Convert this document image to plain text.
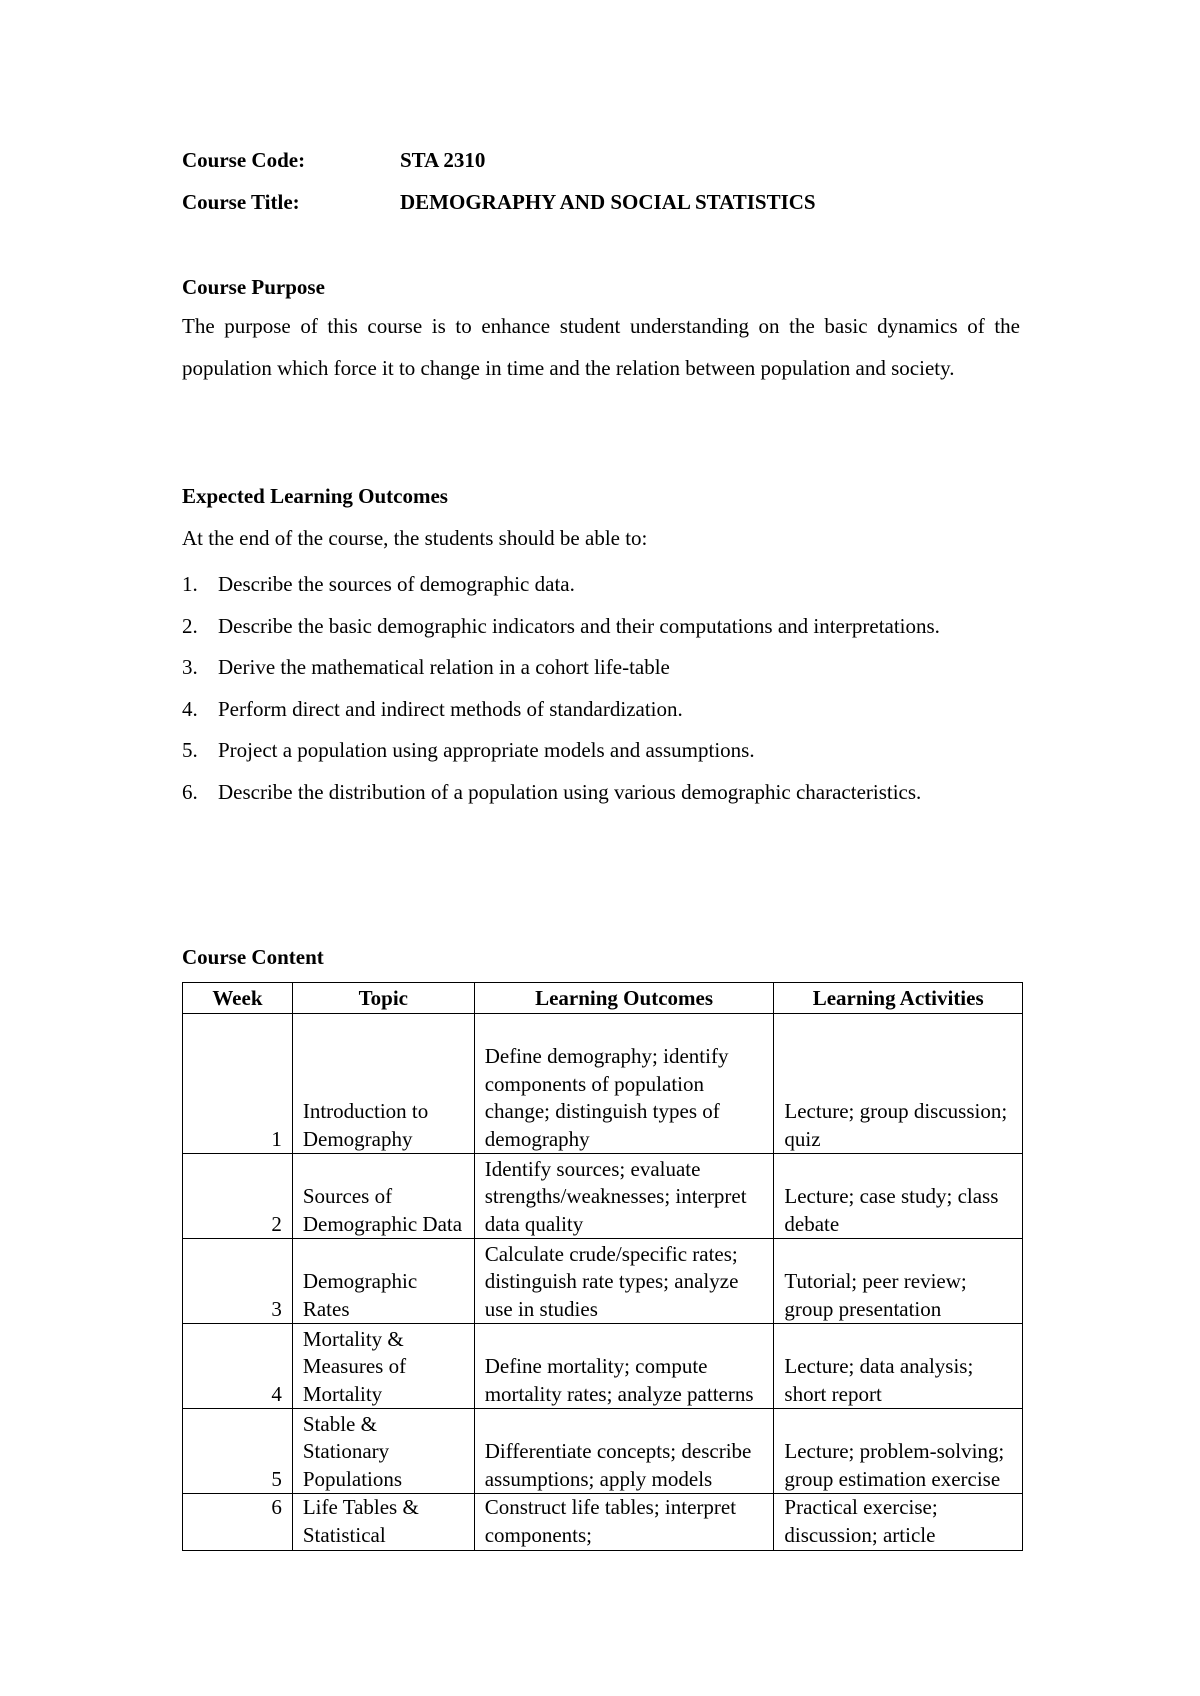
Course Code:	STA 2310
Course Title:	DEMOGRAPHY AND SOCIAL STATISTICS
Course Purpose

The purpose of this course is to enhance student understanding on the basic dynamics of the population which force it to change in time and the relation between population and society.

Expected Learning Outcomes
At the end of the course, the students should be able to:
1. Describe the sources of demographic data.
2. Describe the basic demographic indicators and their computations and interpretations.
3. Derive the mathematical relation in a cohort life-table
4. Perform direct and indirect methods of standardization.
5. Project a population using appropriate models and assumptions.
6. Describe the distribution of a population using various demographic characteristics.
Course Content
Week	Topic	Learning Outcomes	Learning Activities
1	Introduction to Demography	Define demography; identify components of population change; distinguish types of demography	Lecture; group discussion; quiz
2	Sources of Demographic Data	Identify sources; evaluate strengths/weaknesses; interpret data quality	Lecture; case study; class debate
3	Demographic Rates	Calculate crude/specific rates; distinguish rate types; analyze use in studies	Tutorial; peer review; group presentation
4	Mortality & Measures of Mortality	Define mortality; compute mortality rates; analyze patterns	Lecture; data analysis; short report
5	Stable & Stationary Populations	Differentiate concepts; describe assumptions; apply models	Lecture; problem-solving; group estimation exercise
6	Life Tables & Statistical	Construct life tables; interpret components;	Practical exercise; discussion; article
